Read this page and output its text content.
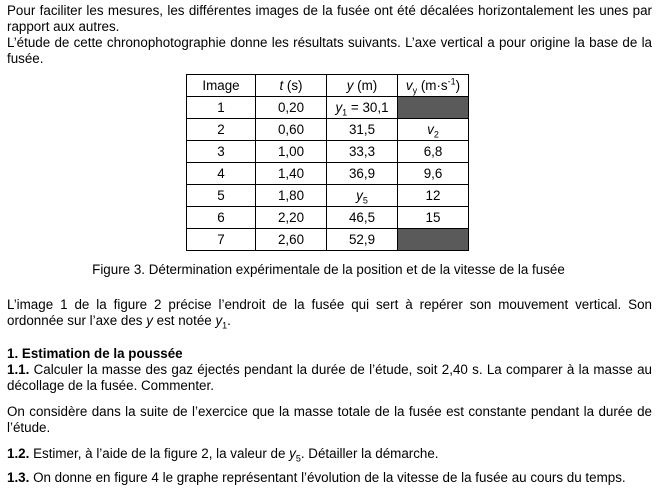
Pour faciliter les mesures, les différentes images de la fusée ont été décalées horizontalement les unes par rapport aux autres.
L’étude de cette chronophotographie donne les résultats suivants. L’axe vertical a pour origine la base de la fusée.

Image	t (s)	y (m)	$v_y$ $(m\cdot s^{-1})$
1	0,20	$y_1 = 30,1$	
2	0,60	31,5	$v_2$
3	1,00	33,3	6,8
4	1,40	36,9	9,6
5	1,80	$y_5$	12
6	2,20	46,5	15
7	2,60	52,9	

Figure 3. Détermination expérimentale de la position et de la vitesse de la fusée

L’image 1 de la figure 2 précise l’endroit de la fusée qui sert à repérer son mouvement vertical. Son ordonnée sur l’axe des y est notée $y_1$.

1. Estimation de la poussée

1.1. Calculer la masse des gaz éjectés pendant la durée de l’étude, soit 2,40 s. La comparer à la masse au décollage de la fusée. Commenter.

On considère dans la suite de l’exercice que la masse totale de la fusée est constante pendant la durée de l’étude.

1.2. Estimer, à l’aide de la figure 2, la valeur de $y_5$. Détailler la démarche.

1.3. On donne en figure 4 le graphe représentant l’évolution de la vitesse de la fusée au cours du temps.
